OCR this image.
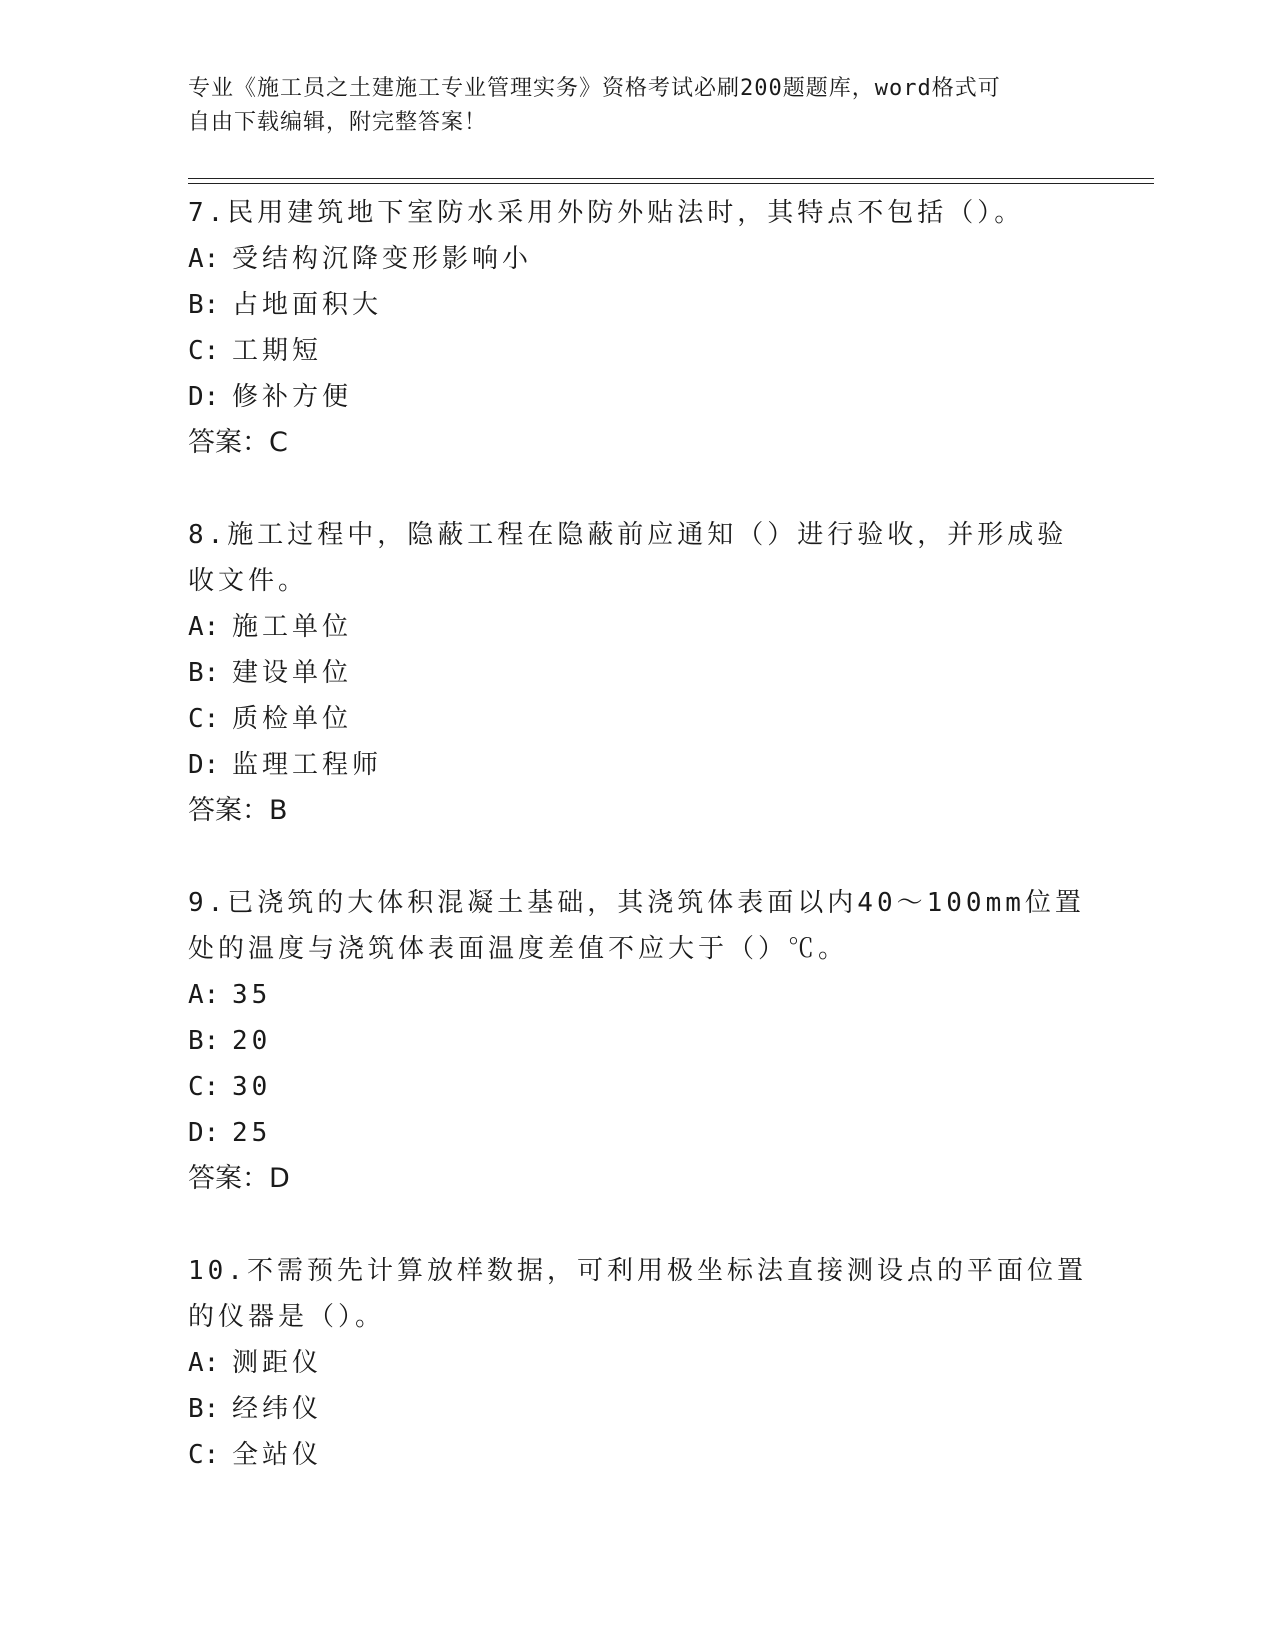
专业《施工员之土建施工专业管理实务》资格考试必刷200题题库，word格式可
自由下载编辑，附完整答案！

7.民用建筑地下室防水采用外防外贴法时，其特点不包括（）。

A: 受结构沉降变形影响小

B: 占地面积大

C: 工期短

D: 修补方便

答案：C

8.施工过程中，隐蔽工程在隐蔽前应通知（）进行验收，并形成验收文件。

A: 施工单位

B: 建设单位

C: 质检单位

D: 监理工程师

答案：B

9.已浇筑的大体积混凝土基础，其浇筑体表面以内40～100mm位置处的温度与浇筑体表面温度差值不应大于（）℃。

A: 35

B: 20

C: 30

D: 25

答案：D

10.不需预先计算放样数据，可利用极坐标法直接测设点的平面位置的仪器是（）。

A: 测距仪

B: 经纬仪

C: 全站仪
